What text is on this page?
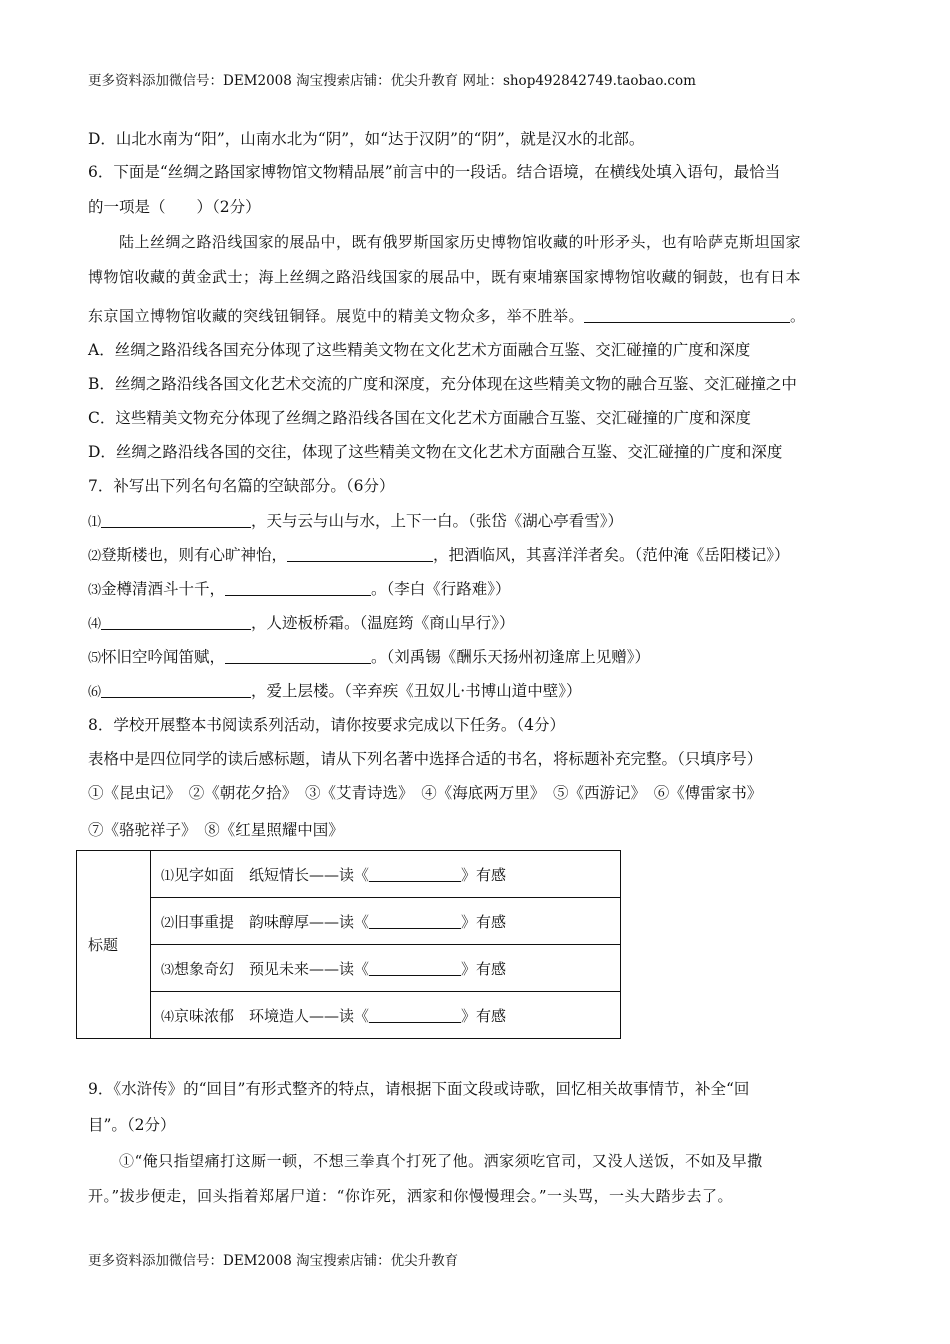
更多资料添加微信号：DEM2008 淘宝搜索店铺：优尖升教育 网址：shop492842749.taobao.com
D．山北水南为“阳”，山南水北为“阴”，如“达于汉阴”的“阴”，就是汉水的北部。
6．下面是“丝绸之路国家博物馆文物精品展”前言中的一段话。结合语境，在横线处填入语句，最恰当
的一项是（　　）（2分）
陆上丝绸之路沿线国家的展品中，既有俄罗斯国家历史博物馆收藏的叶形矛头，也有哈萨克斯坦国家
博物馆收藏的黄金武士；海上丝绸之路沿线国家的展品中，既有柬埔寨国家博物馆收藏的铜鼓，也有日本
东京国立博物馆收藏的突线钮铜铎。展览中的精美文物众多，举不胜举。	。
A．丝绸之路沿线各国充分体现了这些精美文物在文化艺术方面融合互鉴、交汇碰撞的广度和深度
B．丝绸之路沿线各国文化艺术交流的广度和深度，充分体现在这些精美文物的融合互鉴、交汇碰撞之中
C．这些精美文物充分体现了丝绸之路沿线各国在文化艺术方面融合互鉴、交汇碰撞的广度和深度
D．丝绸之路沿线各国的交往，体现了这些精美文物在文化艺术方面融合互鉴、交汇碰撞的广度和深度
7．补写出下列名句名篇的空缺部分。（6分）
⑴	，天与云与山与水，上下一白。（张岱《湖心亭看雪》）
⑵登斯楼也，则有心旷神怡，	，把酒临风，其喜洋洋者矣。（范仲淹《岳阳楼记》）
⑶金樽清酒斗十千，	。（李白《行路难》）
⑷	，人迹板桥霜。（温庭筠《商山早行》）
⑸怀旧空吟闻笛赋，	。（刘禹锡《酬乐天扬州初逢席上见赠》）
⑹	，爱上层楼。（辛弃疾《丑奴儿·书博山道中壁》）
8．学校开展整本书阅读系列活动，请你按要求完成以下任务。（4分）
表格中是四位同学的读后感标题，请从下列名著中选择合适的书名，将标题补充完整。（只填序号）
①《昆虫记》　②《朝花夕拾》　③《艾青诗选》　④《海底两万里》　⑤《西游记》　⑥《傅雷家书》
⑦《骆驼祥子》　⑧《红星照耀中国》
标题	⑴见字如面　纸短情长——读《	》有感
⑵旧事重提　韵味醇厚——读《	》有感
⑶想象奇幻　预见未来——读《	》有感
⑷京味浓郁　环境造人——读《	》有感
9．《水浒传》的“回目”有形式整齐的特点，请根据下面文段或诗歌，回忆相关故事情节，补全“回
目”。（2分）
①“俺只指望痛打这厮一顿，不想三拳真个打死了他。洒家须吃官司，又没人送饭，不如及早撒
开。”拔步便走，回头指着郑屠尸道：“你诈死，洒家和你慢慢理会。”一头骂，一头大踏步去了。
更多资料添加微信号：DEM2008 淘宝搜索店铺：优尖升教育
